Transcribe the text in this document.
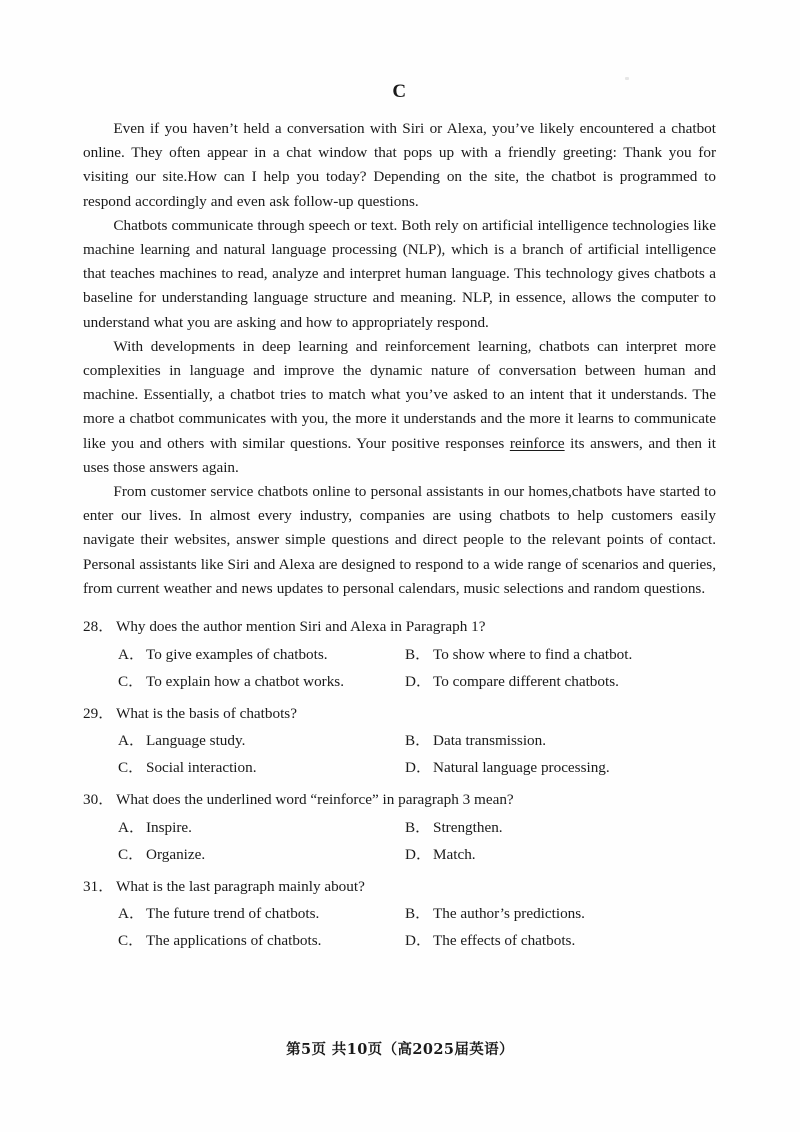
C

Even if you haven’t held a conversation with Siri or Alexa, you’ve likely encountered a chatbot online. They often appear in a chat window that pops up with a friendly greeting: Thank you for visiting our site.How can I help you today? Depending on the site, the chatbot is programmed to respond accordingly and even ask follow-up questions.

Chatbots communicate through speech or text. Both rely on artificial intelligence technologies like machine learning and natural language processing (NLP), which is a branch of artificial intelligence that teaches machines to read, analyze and interpret human language. This technology gives chatbots a baseline for understanding language structure and meaning. NLP, in essence, allows the computer to understand what you are asking and how to appropriately respond.

With developments in deep learning and reinforcement learning, chatbots can interpret more complexities in language and improve the dynamic nature of conversation between human and machine. Essentially, a chatbot tries to match what you’ve asked to an intent that it understands. The more a chatbot communicates with you, the more it understands and the more it learns to communicate like you and others with similar questions. Your positive responses reinforce its answers, and then it uses those answers again.

From customer service chatbots online to personal assistants in our homes,chatbots have started to enter our lives. In almost every industry, companies are using chatbots to help customers easily navigate their websites, answer simple questions and direct people to the relevant points of contact. Personal assistants like Siri and Alexa are designed to respond to a wide range of scenarios and queries, from current weather and news updates to personal calendars, music selections and random questions.

28． Why does the author mention Siri and Alexa in Paragraph 1?
A． To give examples of chatbots.	B． To show where to find a chatbot.
C． To explain how a chatbot works.	D． To compare different chatbots.
29． What is the basis of chatbots?
A． Language study.	B． Data transmission.
C． Social interaction.	D． Natural language processing.
30． What does the underlined word “reinforce” in paragraph 3 mean?
A． Inspire.	B． Strengthen.
C． Organize.	D． Match.
31． What is the last paragraph mainly about?
A． The future trend of chatbots.	B． The author’s predictions.
C． The applications of chatbots.	D． The effects of chatbots.
第5页 共10页（高2025届英语）
